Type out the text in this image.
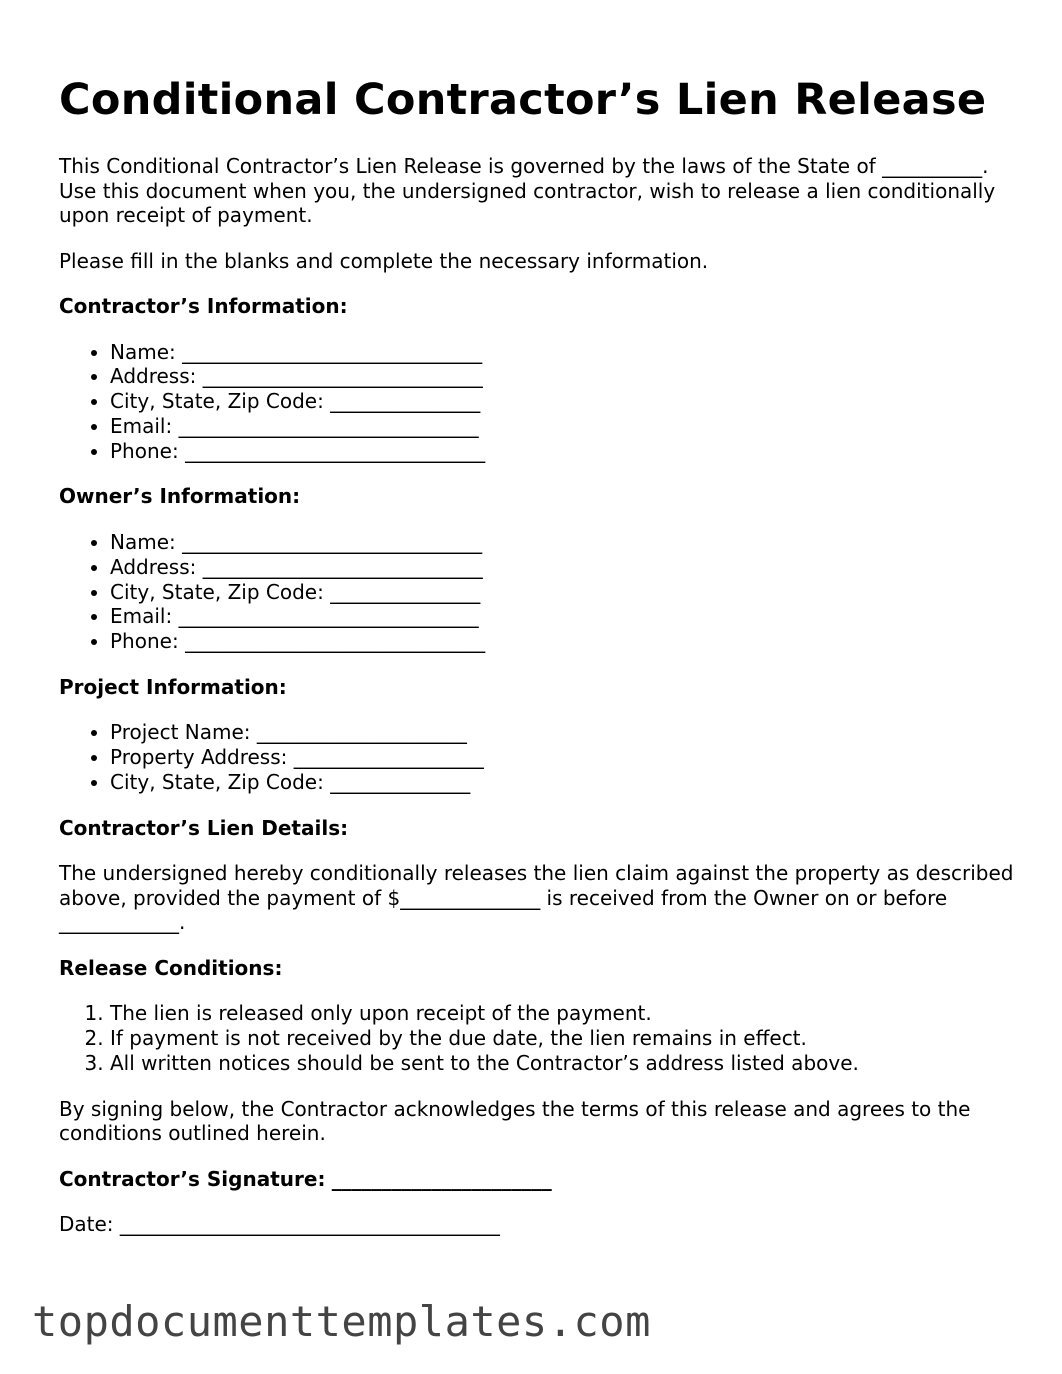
Conditional Contractor’s Lien Release

This Conditional Contractor’s Lien Release is governed by the laws of the State of __________. Use this document when you, the undersigned contractor, wish to release a lien conditionally upon receipt of payment.

Please fill in the blanks and complete the necessary information.

Contractor’s Information:
• Name: ______________________________
• Address: ____________________________
• City, State, Zip Code: _______________
• Email: ______________________________
• Phone: ______________________________
Owner’s Information:
• Name: ______________________________
• Address: ____________________________
• City, State, Zip Code: _______________
• Email: ______________________________
• Phone: ______________________________
Project Information:
• Project Name: _____________________
• Property Address: ___________________
• City, State, Zip Code: ______________
Contractor’s Lien Details:

The undersigned hereby conditionally releases the lien claim against the property as described above, provided the payment of $______________ is received from the Owner on or before ____________.

Release Conditions:
1. The lien is released only upon receipt of the payment.
2. If payment is not received by the due date, the lien remains in effect.
3. All written notices should be sent to the Contractor’s address listed above.

By signing below, the Contractor acknowledges the terms of this release and agrees to the conditions outlined herein.

Contractor’s Signature: ______________________
Date: ______________________________________
topdocumenttemplates.com
